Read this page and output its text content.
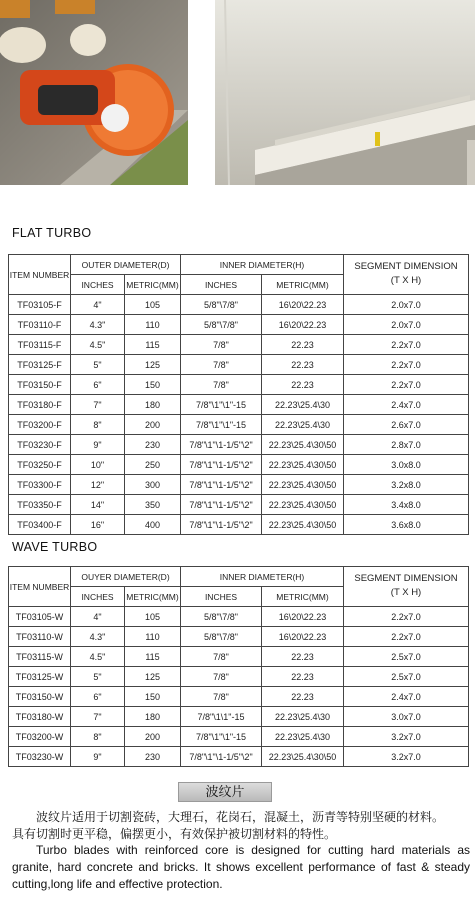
FLAT TURBO
ITEM NUMBER	OUTER DIAMETER(D)		INNER DIAMETER(H)		SEGMENT DIMENSION
(T X H)

	INCHES	METRIC(MM)	INCHES	METRIC(MM)	
TF03105-F	4"	105	5/8"\7/8"	16\20\22.23	2.0x7.0
TF03110-F	4.3"	110	5/8"\7/8"	16\20\22.23	2.0x7.0
TF03115-F	4.5"	115	7/8"	22.23	2.2x7.0
TF03125-F	5"	125	7/8"	22.23	2.2x7.0
TF03150-F	6"	150	7/8"	22.23	2.2x7.0
TF03180-F	7"	180	7/8"\1"\1"-15	22.23\25.4\30	2.4x7.0
TF03200-F	8"	200	7/8"\1"\1"-15	22.23\25.4\30	2.6x7.0
TF03230-F	9"	230	7/8"\1"\1-1/5"\2"	22.23\25.4\30\50	2.8x7.0
TF03250-F	10"	250	7/8"\1"\1-1/5"\2"	22.23\25.4\30\50	3.0x8.0
TF03300-F	12"	300	7/8"\1"\1-1/5"\2"	22.23\25.4\30\50	3.2x8.0
TF03350-F	14"	350	7/8"\1"\1-1/5"\2"	22.23\25.4\30\50	3.4x8.0
TF03400-F	16"	400	7/8"\1"\1-1/5"\2"	22.23\25.4\30\50	3.6x8.0
WAVE TURBO
ITEM NUMBER	OUYER DIAMETER(D)		INNER DIAMETER(H)		SEGMENT DIMENSION
(T X H)

	INCHES	METRIC(MM)	INCHES	METRIC(MM)	
TF03105-W	4"	105	5/8"\7/8"	16\20\22.23	2.2x7.0
TF03110-W	4.3"	110	5/8"\7/8"	16\20\22.23	2.2x7.0
TF03115-W	4.5"	115	7/8"	22.23	2.5x7.0
TF03125-W	5"	125	7/8"	22.23	2.5x7.0
TF03150-W	6"	150	7/8"	22.23	2.4x7.0
TF03180-W	7"	180	7/8"\1\1"-15	22.23\25.4\30	3.0x7.0
TF03200-W	8"	200	7/8"\1"\1"-15	22.23\25.4\30	3.2x7.0
TF03230-W	9"	230	7/8"\1"\1-1/5"\2"	22.23\25.4\30\50	3.2x7.0
波纹片
波纹片适用于切割瓷砖，大理石，花岗石，混凝土，沥青等特别坚硬的材料。
具有切割时更平稳，偏摆更小，有效保护被切割材料的特性。
Turbo blades with reinforced core is designed for cutting hard materials as granite, hard concrete and bricks. It shows excellent performance of fast & steady cutting,long life and effective protection.
